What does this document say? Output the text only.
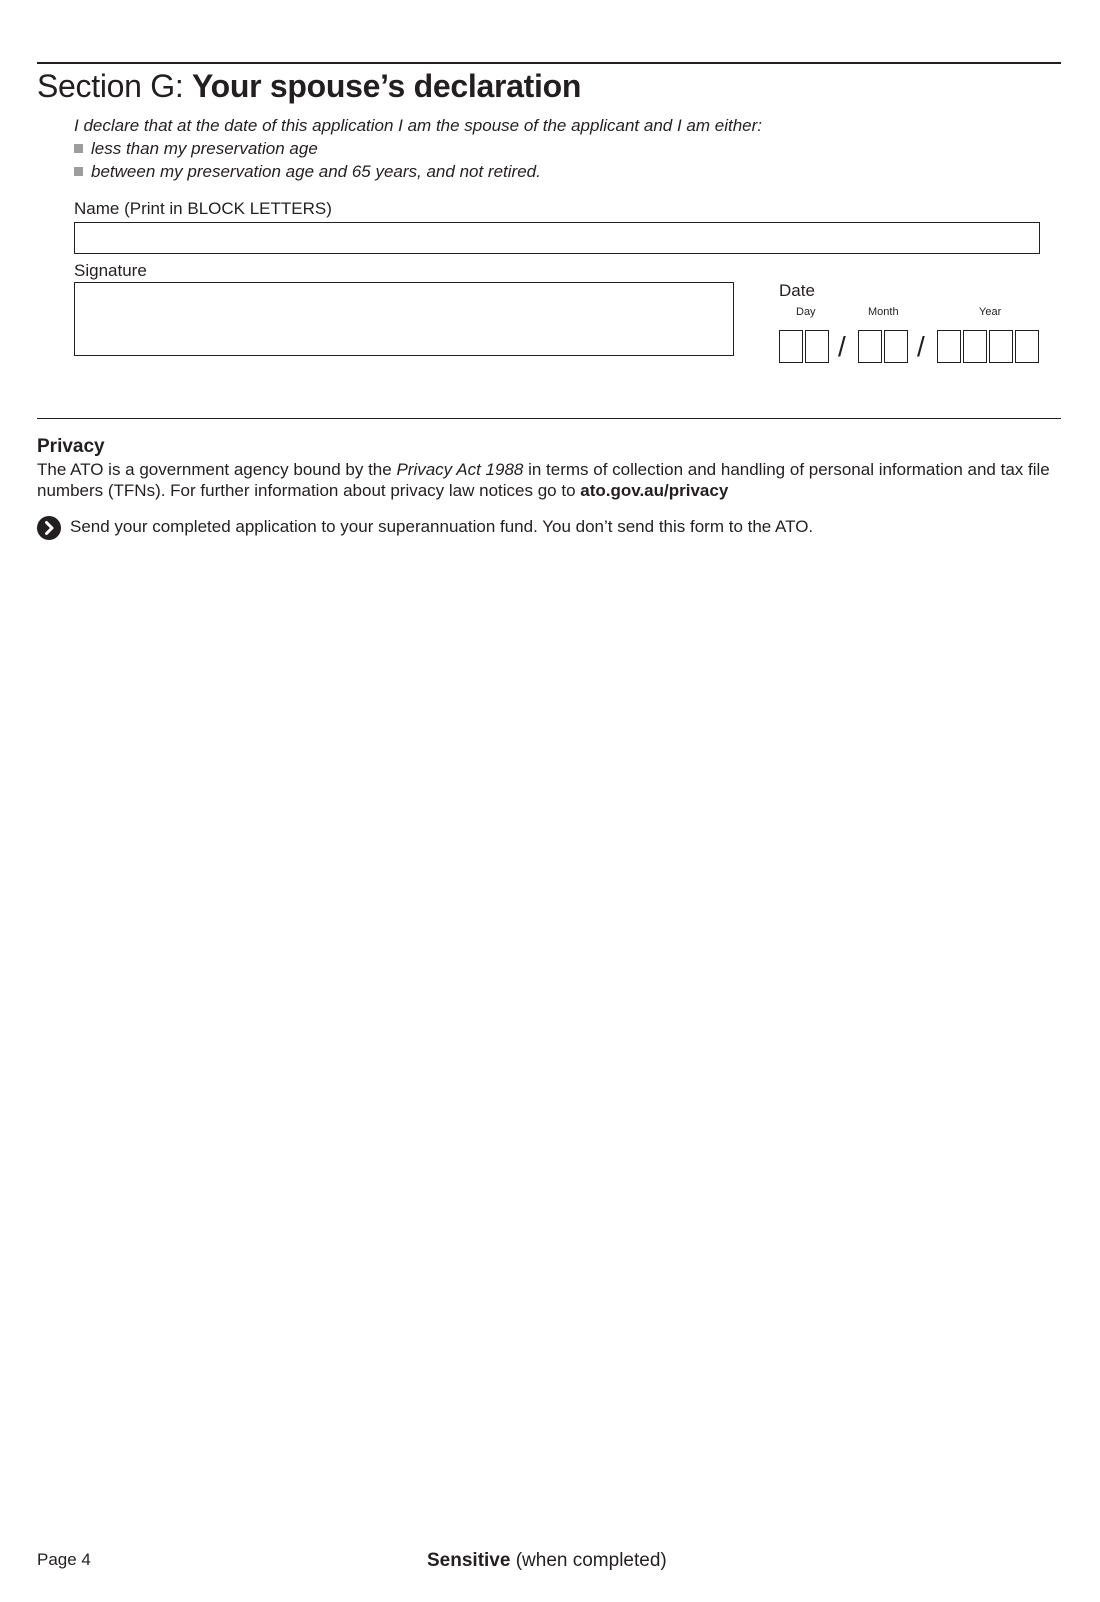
Section G: Your spouse’s declaration
I declare that at the date of this application I am the spouse of the applicant and I am either:
less than my preservation age
between my preservation age and 65 years, and not retired.
Name (Print in BLOCK LETTERS)
Signature
Date
Day	Month	Year
/	/
Privacy
The ATO is a government agency bound by the Privacy Act 1988 in terms of collection and handling of personal information and tax file numbers (TFNs). For further information about privacy law notices go to ato.gov.au/privacy
Send your completed application to your superannuation fund. You don’t send this form to the ATO.
Page 4	Sensitive (when completed)
